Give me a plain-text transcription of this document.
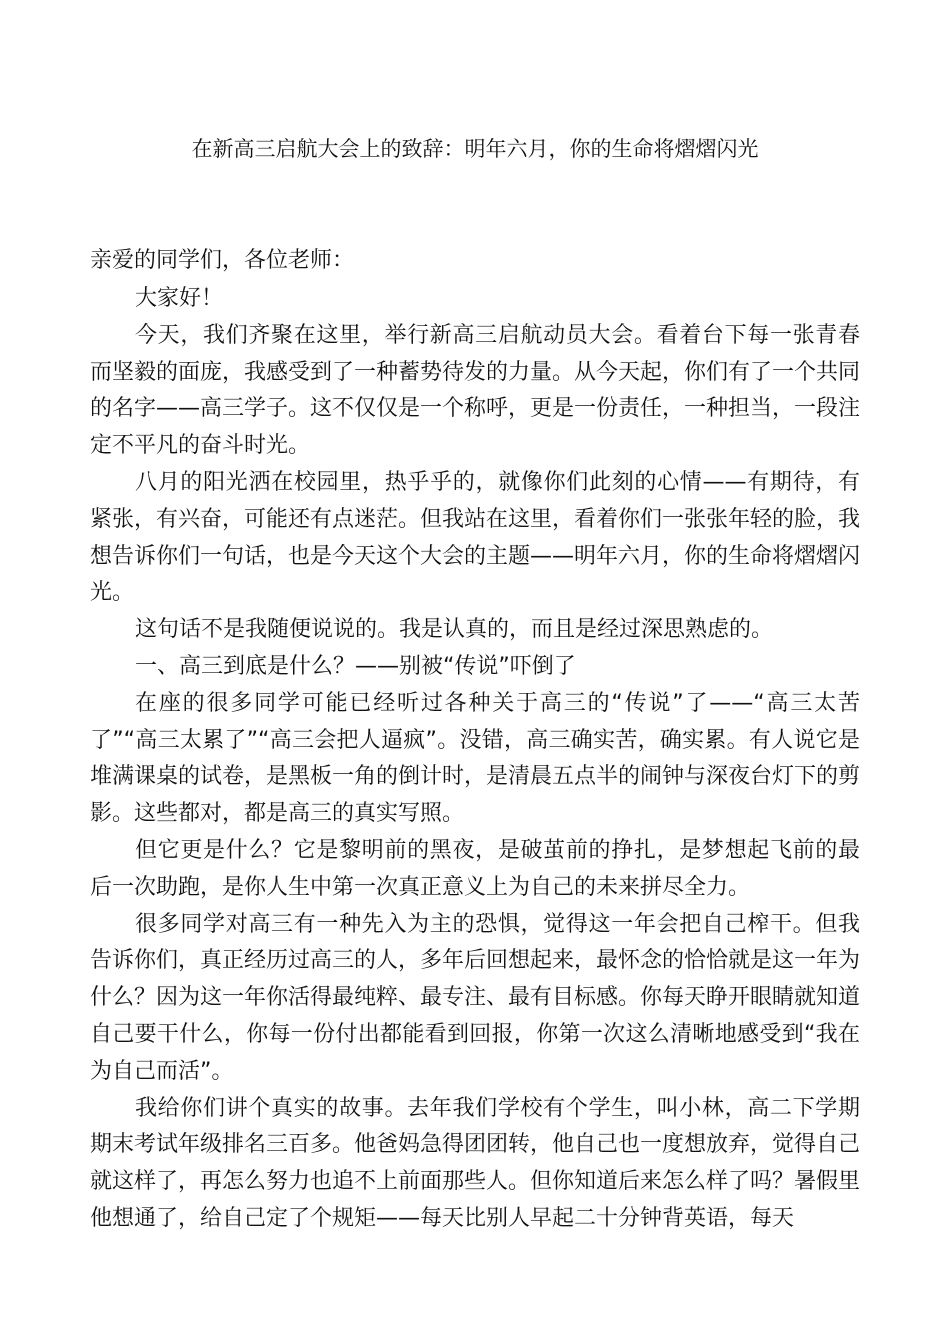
在新高三启航大会上的致辞：明年六月，你的生命将熠熠闪光
亲爱的同学们，各位老师：

大家好！

今天，我们齐聚在这里，举行新高三启航动员大会。看着台下每一张青春而坚毅的面庞，我感受到了一种蓄势待发的力量。从今天起，你们有了一个共同的名字——高三学子。这不仅仅是一个称呼，更是一份责任，一种担当，一段注定不平凡的奋斗时光。

八月的阳光洒在校园里，热乎乎的，就像你们此刻的心情——有期待，有紧张，有兴奋，可能还有点迷茫。但我站在这里，看着你们一张张年轻的脸，我想告诉你们一句话，也是今天这个大会的主题——明年六月，你的生命将熠熠闪光。

这句话不是我随便说说的。我是认真的，而且是经过深思熟虑的。

一、高三到底是什么？——别被“传说”吓倒了

在座的很多同学可能已经听过各种关于高三的“传说”了——“高三太苦了”“高三太累了”“高三会把人逼疯”。没错，高三确实苦，确实累。有人说它是堆满课桌的试卷，是黑板一角的倒计时，是清晨五点半的闹钟与深夜台灯下的剪影。这些都对，都是高三的真实写照。

但它更是什么？它是黎明前的黑夜，是破茧前的挣扎，是梦想起飞前的最后一次助跑，是你人生中第一次真正意义上为自己的未来拼尽全力。

很多同学对高三有一种先入为主的恐惧，觉得这一年会把自己榨干。但我告诉你们，真正经历过高三的人，多年后回想起来，最怀念的恰恰就是这一年为什么？因为这一年你活得最纯粹、最专注、最有目标感。你每天睁开眼睛就知道自己要干什么，你每一份付出都能看到回报，你第一次这么清晰地感受到“我在为自己而活”。

我给你们讲个真实的故事。去年我们学校有个学生，叫小林，高二下学期期末考试年级排名三百多。他爸妈急得团团转，他自己也一度想放弃，觉得自己就这样了，再怎么努力也追不上前面那些人。但你知道后来怎么样了吗？暑假里他想通了，给自己定了个规矩——每天比别人早起二十分钟背英语，每天
